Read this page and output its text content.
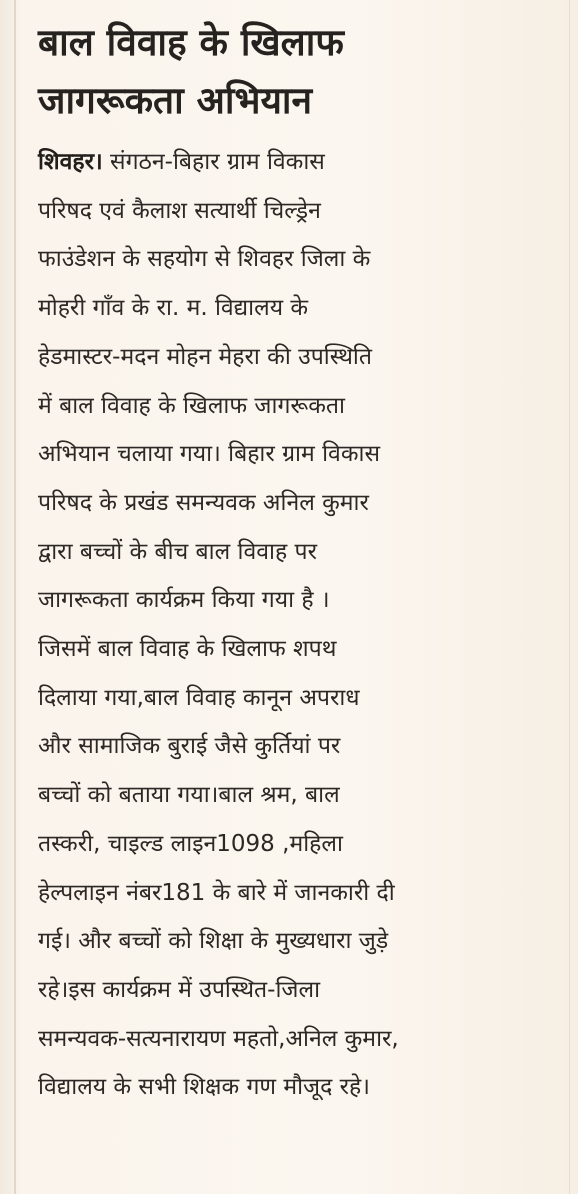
बाल विवाह के खिलाफ
जागरूकता अभियान
शिवहर। संगठन-बिहार ग्राम विकास
परिषद एवं कैलाश सत्यार्थी चिल्ड्रेन
फाउंडेशन के सहयोग से शिवहर जिला के
मोहरी गाँव के रा. म. विद्यालय के
हेडमास्टर-मदन मोहन मेहरा की उपस्थिति
में बाल विवाह के खिलाफ जागरूकता
अभियान चलाया गया। बिहार ग्राम विकास
परिषद के प्रखंड समन्यवक अनिल कुमार
द्वारा बच्चों के बीच बाल विवाह पर
जागरूकता कार्यक्रम किया गया है ।
जिसमें बाल विवाह के खिलाफ शपथ
दिलाया गया,बाल विवाह कानून अपराध
और सामाजिक बुराई जैसे कुर्तियां पर
बच्चों को बताया गया।बाल श्रम, बाल
तस्करी, चाइल्ड लाइन1098 ,महिला
हेल्पलाइन नंबर181 के बारे में जानकारी दी
गई। और बच्चों को शिक्षा के मुख्यधारा जुड़े
रहे।इस कार्यक्रम में उपस्थित-जिला
समन्यवक-सत्यनारायण महतो,अनिल कुमार,
विद्यालय के सभी शिक्षक गण मौजूद रहे।
